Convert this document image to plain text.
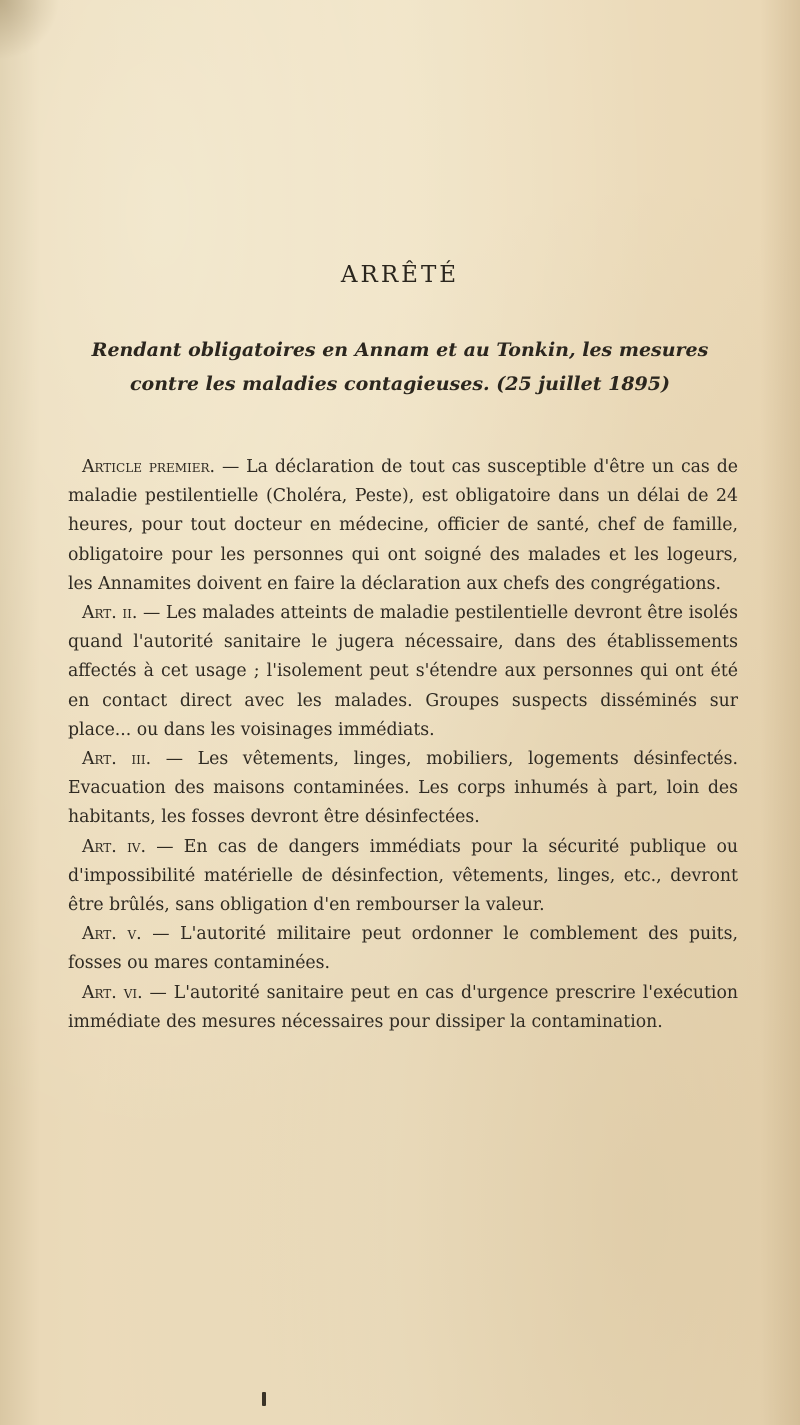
ARRÊTÉ
Rendant obligatoires en Annam et au Tonkin, les mesures
contre les maladies contagieuses. (25 juillet 1895)

Article premier. — La déclaration de tout cas susceptible d'être un cas de maladie pestilentielle (Choléra, Peste), est obligatoire dans un délai de 24 heures, pour tout docteur en médecine, officier de santé, chef de famille, obligatoire pour les personnes qui ont soigné des malades et les logeurs, les Annamites doivent en faire la déclaration aux chefs des congrégations.

Art. ii. — Les malades atteints de maladie pestilentielle devront être isolés quand l'autorité sanitaire le jugera nécessaire, dans des établissements affectés à cet usage ; l'isolement peut s'étendre aux personnes qui ont été en contact direct avec les malades. Groupes suspects disséminés sur place... ou dans les voisinages immédiats.

Art. iii. — Les vêtements, linges, mobiliers, logements désinfectés. Evacuation des maisons contaminées. Les corps inhumés à part, loin des habitants, les fosses devront être désinfectées.

Art. iv. — En cas de dangers immédiats pour la sécurité publique ou d'impossibilité matérielle de désinfection, vêtements, linges, etc., devront être brûlés, sans obligation d'en rembourser la valeur.

Art. v. — L'autorité militaire peut ordonner le comblement des puits, fosses ou mares contaminées.

Art. vi. — L'autorité sanitaire peut en cas d'urgence prescrire l'exécution immédiate des mesures nécessaires pour dissiper la contamination.
